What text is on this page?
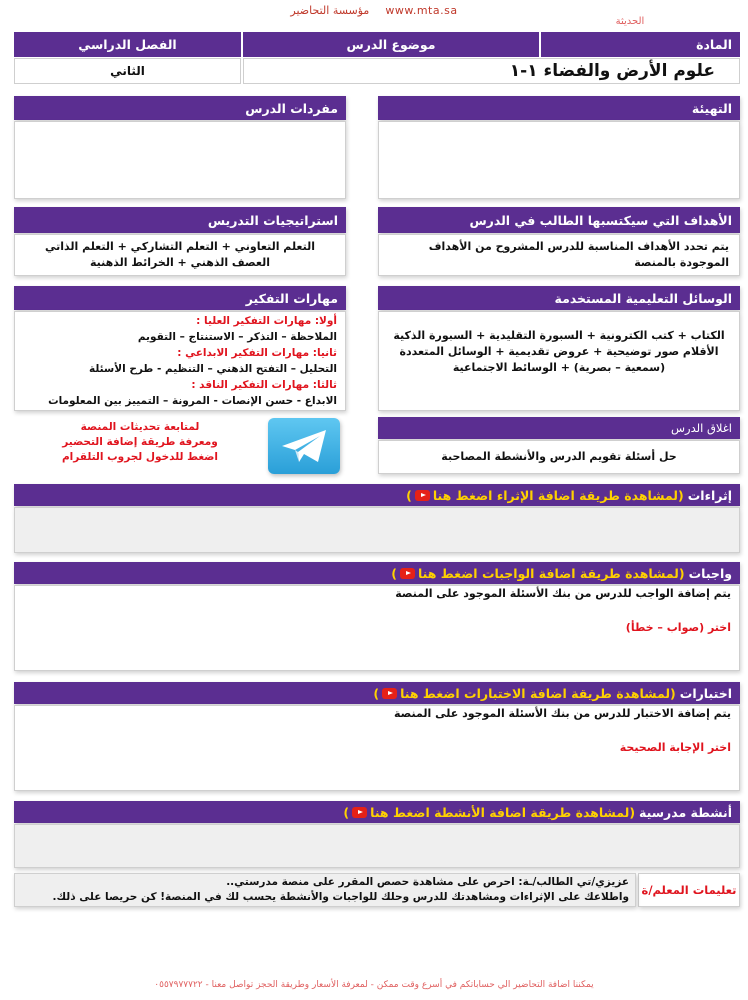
www.mta.sa مؤسسة التحاضير
الحديثة
المادة
موضوع الدرس
الفصل الدراسي
علوم الأرض والفضاء ١-١
الثاني
التهيئة
مفردات الدرس
الأهداف التي سيكتسبها الطالب في الدرس
يتم تحدد الأهداف المناسبة للدرس المشروح من الأهداف الموجودة بالمنصة
استراتيجيات التدريس
التعلم التعاوني + التعلم التشاركي + التعلم الذاتي
العصف الذهني + الخرائط الذهنية
الوسائل التعليمية المستخدمة
الكتاب + كتب الكترونية + السبورة التقليدية + السبورة الذكية
الأقلام صور توضيحية + عروض تقديمية + الوسائل المتعددة
(سمعية – بصرية) + الوسائط الاجتماعية
مهارات التفكير
أولا: مهارات التفكير العليا :
الملاحظة – التذكر – الاستنتاج – التقويم
ثانيا: مهارات التفكير الابداعي :
التحليل – التفتح الذهني – التنظيم - طرح الأسئلة
ثالثا: مهارات التفكير الناقد :
الابداع - حسن الإنصات - المرونة – التمييز بين المعلومات
لمتابعة تحديثات المنصة
ومعرفة طريقة إضافة التحضير
اضغط للدخول لجروب التلقرام
اغلاق الدرس
حل أسئلة تقويم الدرس والأنشطة المصاحبة
إثراءات
(لمشاهدة طريقة اضافة الإثراء اضغط هنا
)
واجبات
(لمشاهدة طريقة اضافة الواجبات اضغط هنا
)
يتم إضافة الواجب للدرس من بنك الأسئلة الموجود على المنصة
اختر (صواب – خطأ)
اختبارات
(لمشاهدة طريقة اضافة الاختبارات اضغط هنا
)
يتم إضافة الاختبار للدرس من بنك الأسئلة الموجود على المنصة
اختر الإجابة الصحيحة
أنشطة مدرسية
(لمشاهدة طريقة اضافة الأنشطة اضغط هنا
)
تعليمات المعلم/ة
عزيزي/تي الطالب/ـة: احرص على مشاهدة حصص المقرر على منصة مدرستي..
واطلاعك على الإثراءات ومشاهدتك للدرس وحلك للواجبات والأنشطة يحسب لك في المنصة! كن حريصا على ذلك.
يمكننا اضافة التحاضير الي حساباتكم في أسرع وقت ممكن - لمعرفة الأسعار وطريقة الحجز تواصل معنا - ٠٥٥٧٩٧٧٧٢٢
